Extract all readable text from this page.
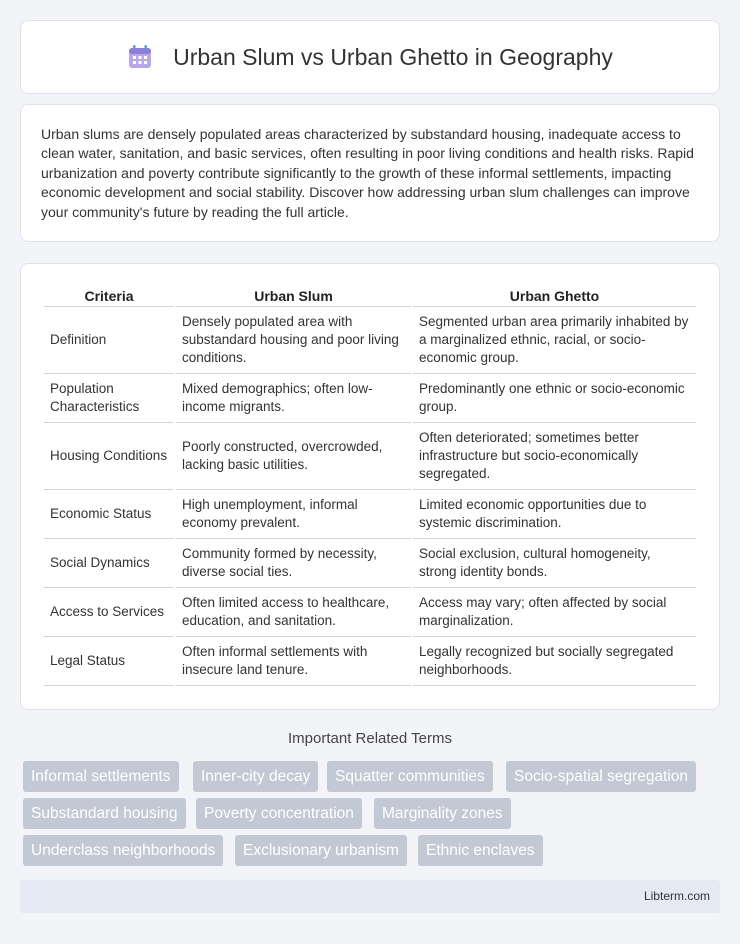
Urban Slum vs Urban Ghetto in Geography

Urban slums are densely populated areas characterized by substandard housing, inadequate access to clean water, sanitation, and basic services, often resulting in poor living conditions and health risks. Rapid urbanization and poverty contribute significantly to the growth of these informal settlements, impacting economic development and social stability. Discover how addressing urban slum challenges can improve your community's future by reading the full article.

Criteria	Urban Slum	Urban Ghetto
Definition	Densely populated area with substandard housing and poor living conditions.	Segmented urban area primarily inhabited by a marginalized ethnic, racial, or socio-economic group.
Population Characteristics	Mixed demographics; often low-income migrants.	Predominantly one ethnic or socio-economic group.
Housing Conditions	Poorly constructed, overcrowded, lacking basic utilities.	Often deteriorated; sometimes better infrastructure but socio-economically segregated.
Economic Status	High unemployment, informal economy prevalent.	Limited economic opportunities due to systemic discrimination.
Social Dynamics	Community formed by necessity, diverse social ties.	Social exclusion, cultural homogeneity, strong identity bonds.
Access to Services	Often limited access to healthcare, education, and sanitation.	Access may vary; often affected by social marginalization.
Legal Status	Often informal settlements with insecure land tenure.	Legally recognized but socially segregated neighborhoods.
Important Related Terms
Informal settlements	Inner-city decay	Squatter communities	Socio-spatial segregation
Substandard housing	Poverty concentration	Marginality zones
Underclass neighborhoods	Exclusionary urbanism	Ethnic enclaves
Libterm.com
